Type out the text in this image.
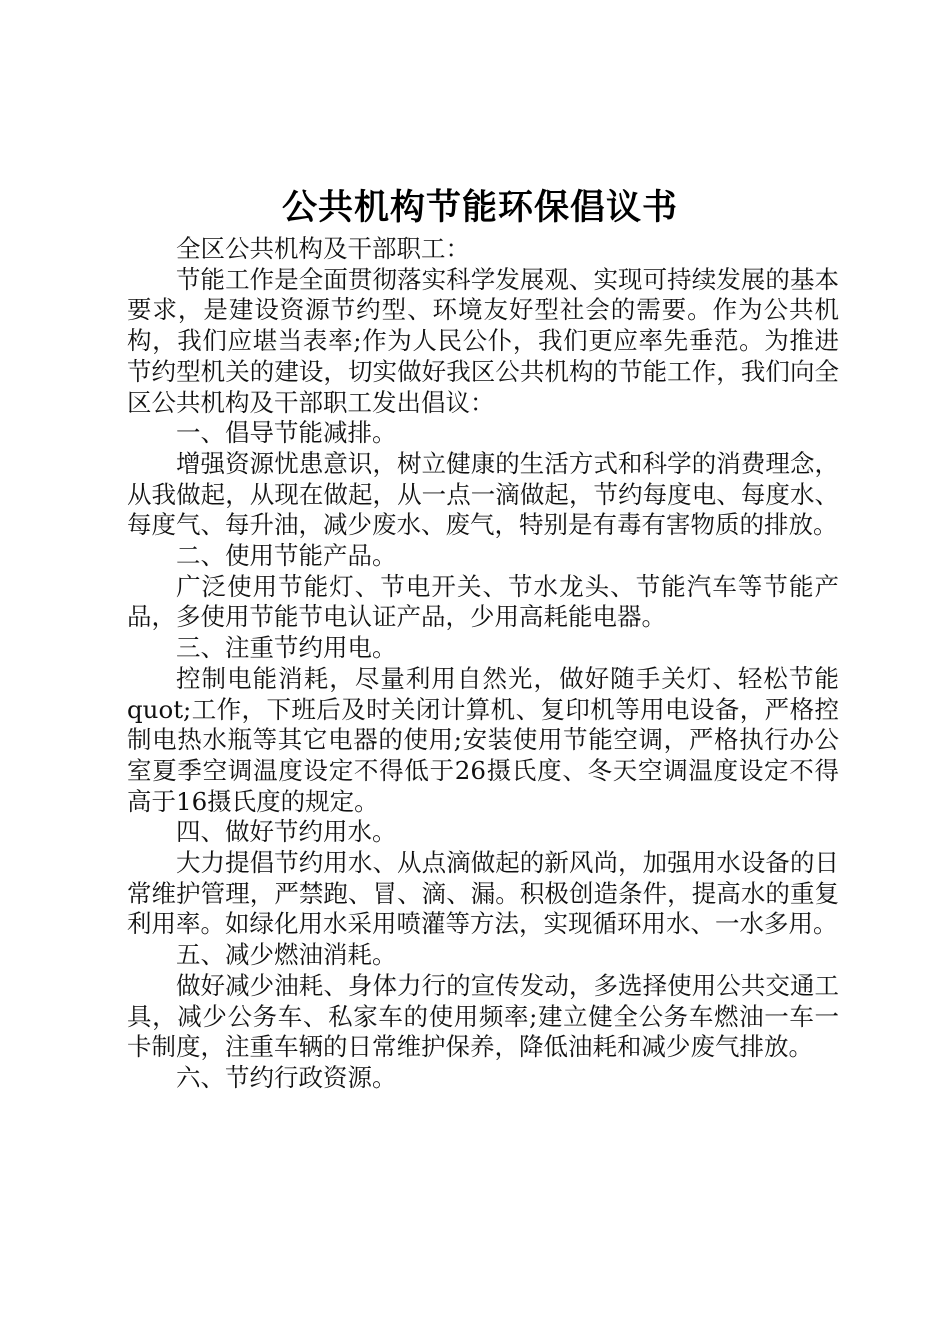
公共机构节能环保倡议书

全区公共机构及干部职工：

节能工作是全面贯彻落实科学发展观、实现可持续发展的基本要求，是建设资源节约型、环境友好型社会的需要。作为公共机构，我们应堪当表率;作为人民公仆，我们更应率先垂范。为推进节约型机关的建设，切实做好我区公共机构的节能工作，我们向全区公共机构及干部职工发出倡议：

一、倡导节能减排。

增强资源忧患意识，树立健康的生活方式和科学的消费理念，从我做起，从现在做起，从一点一滴做起，节约每度电、每度水、每度气、每升油，减少废水、废气，特别是有毒有害物质的排放。

二、使用节能产品。

广泛使用节能灯、节电开关、节水龙头、节能汽车等节能产品，多使用节能节电认证产品，少用高耗能电器。

三、注重节约用电。

控制电能消耗，尽量利用自然光，做好随手关灯、轻松节能quot;工作，下班后及时关闭计算机、复印机等用电设备，严格控制电热水瓶等其它电器的使用;安装使用节能空调，严格执行办公室夏季空调温度设定不得低于26摄氏度、冬天空调温度设定不得高于16摄氏度的规定。

四、做好节约用水。

大力提倡节约用水、从点滴做起的新风尚，加强用水设备的日常维护管理，严禁跑、冒、滴、漏。积极创造条件，提高水的重复利用率。如绿化用水采用喷灌等方法，实现循环用水、一水多用。

五、减少燃油消耗。

做好减少油耗、身体力行的宣传发动，多选择使用公共交通工具，减少公务车、私家车的使用频率;建立健全公务车燃油一车一卡制度，注重车辆的日常维护保养，降低油耗和减少废气排放。

六、节约行政资源。
